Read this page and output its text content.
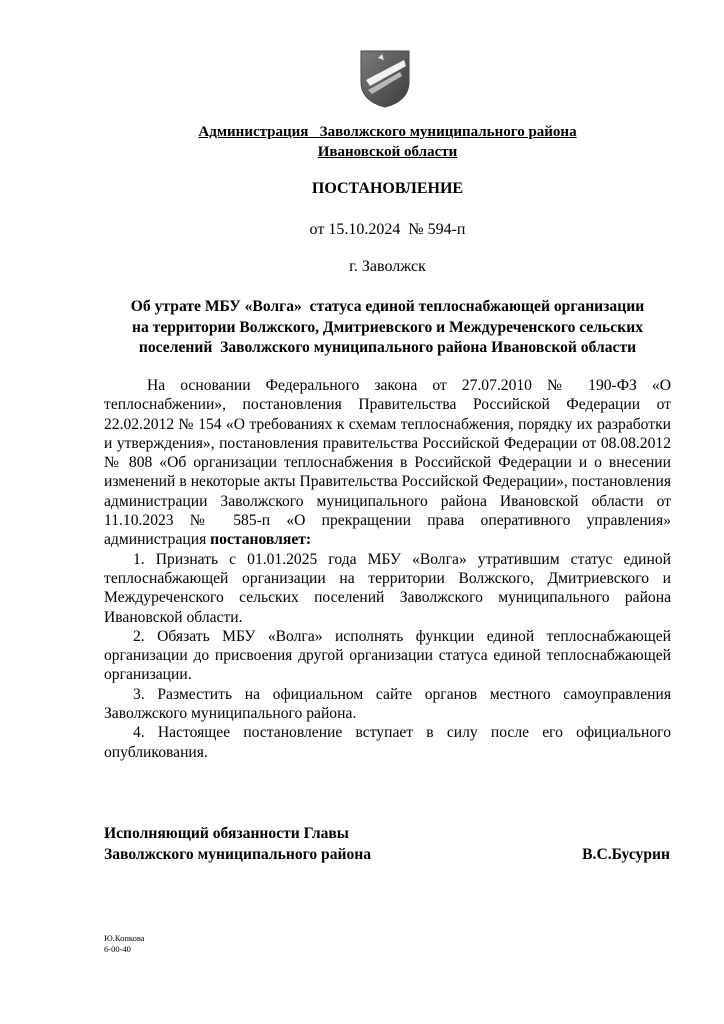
Администрация   Заволжского муниципального района
Ивановской области
ПОСТАНОВЛЕНИЕ
от 15.10.2024  № 594-п
г. Заволжск
Об утрате МБУ «Волга»  статуса единой теплоснабжающей организации
на территории Волжского, Дмитриевского и Междуреченского сельских
поселений  Заволжского муниципального района Ивановской области

На основании Федерального закона от 27.07.2010 № 190-ФЗ «О теплоснабжении», постановления Правительства Российской Федерации от 22.02.2012 № 154 «О требованиях к схемам теплоснабжения, порядку их разработки и утверждения», постановления правительства Российской Федерации от 08.08.2012 № 808 «Об организации теплоснабжения в Российской Федерации и о внесении изменений в некоторые акты Правительства Российской Федерации», постановления администрации Заволжского муниципального района Ивановской области от 11.10.2023 № 585-п «О прекращении права оперативного управления» администрация постановляет:

1. Признать с 01.01.2025 года МБУ «Волга» утратившим статус единой теплоснабжающей организации на территории Волжского, Дмитриевского и Междуреченского сельских поселений Заволжского муниципального района Ивановской области.

2. Обязать МБУ «Волга» исполнять функции единой теплоснабжающей организации до присвоения другой организации статуса единой теплоснабжающей организации.

3. Разместить на официальном сайте органов местного самоуправления Заволжского муниципального района.

4. Настоящее постановление вступает в силу после его официального опубликования.

Исполняющий обязанности Главы
Заволжского муниципального района	В.С.Бусурин
Ю.Копкова
6-00-40
